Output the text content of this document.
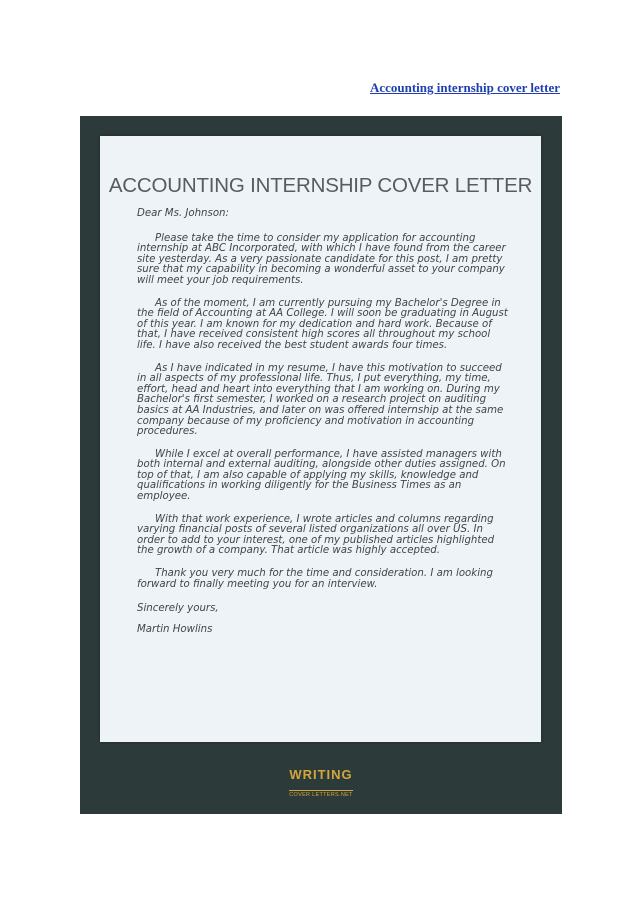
Accounting internship cover letter
ACCOUNTING INTERNSHIP COVER LETTER

Dear Ms. Johnson:

Please take the time to consider my application for accounting internship at ABC Incorporated, with which I have found from the career site yesterday. As a very passionate candidate for this post, I am pretty sure that my capability in becoming a wonderful asset to your company will meet your job requirements.

As of the moment, I am currently pursuing my Bachelor's Degree in the field of Accounting at AA College. I will soon be graduating in August of this year. I am known for my dedication and hard work. Because of that, I have received consistent high scores all throughout my school life. I have also received the best student awards four times.

As I have indicated in my resume, I have this motivation to succeed in all aspects of my professional life. Thus, I put everything, my time, effort, head and heart into everything that I am working on. During my Bachelor's first semester, I worked on a research project on auditing basics at AA Industries, and later on was offered internship at the same company because of my proficiency and motivation in accounting procedures.

While I excel at overall performance, I have assisted managers with both internal and external auditing, alongside other duties assigned. On top of that, I am also capable of applying my skills, knowledge and qualifications in working diligently for the Business Times as an employee.

With that work experience, I wrote articles and columns regarding varying financial posts of several listed organizations all over US. In order to add to your interest, one of my published articles highlighted the growth of a company. That article was highly accepted.

Thank you very much for the time and consideration. I am looking forward to finally meeting you for an interview.

Sincerely yours,

Martin Howlins

WRITING
COVER LETTERS.NET
